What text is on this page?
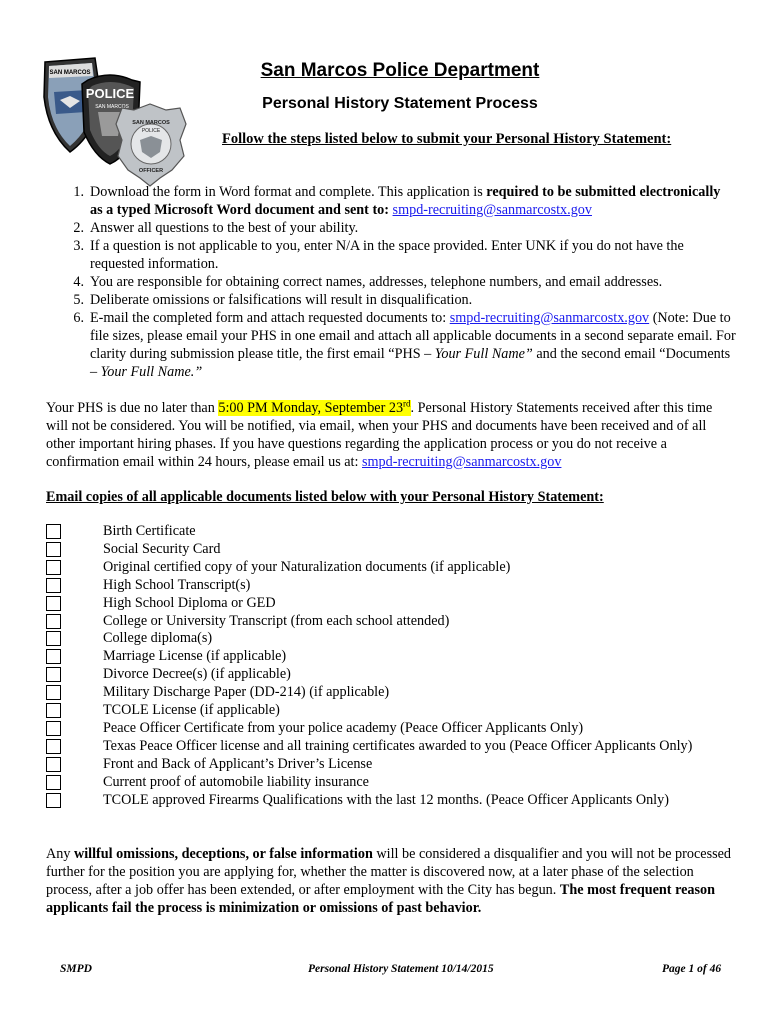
SAN MARCOS
POLICE
SAN MARCOS
SAN MARCOS
POLICE
OFFICER
San Marcos Police Department
Personal History Statement Process
Follow the steps listed below to submit your Personal History Statement:
1. Download the form in Word format and complete. This application is required to be submitted electronically as a typed Microsoft Word document and sent to: smpd-recruiting@sanmarcostx.gov
2. Answer all questions to the best of your ability.
3. If a question is not applicable to you, enter N/A in the space provided. Enter UNK if you do not have the requested information.
4. You are responsible for obtaining correct names, addresses, telephone numbers, and email addresses.
5. Deliberate omissions or falsifications will result in disqualification.
6. E-mail the completed form and attach requested documents to: smpd-recruiting@sanmarcostx.gov (Note: Due to file sizes, please email your PHS in one email and attach all applicable documents in a second separate email. For clarity during submission please title, the first email “PHS – Your Full Name” and the second email “Documents – Your Full Name.”
Your PHS is due no later than 5:00 PM Monday, September 23rd. Personal History Statements received after this time will not be considered. You will be notified, via email, when your PHS and documents have been received and of all other important hiring phases. If you have questions regarding the application process or you do not receive a confirmation email within 24 hours, please email us at: smpd-recruiting@sanmarcostx.gov
Email copies of all applicable documents listed below with your Personal History Statement:
Birth Certificate
Social Security Card
Original certified copy of your Naturalization documents (if applicable)
High School Transcript(s)
High School Diploma or GED
College or University Transcript (from each school attended)
College diploma(s)
Marriage License (if applicable)
Divorce Decree(s) (if applicable)
Military Discharge Paper (DD-214) (if applicable)
TCOLE License (if applicable)
Peace Officer Certificate from your police academy (Peace Officer Applicants Only)
Texas Peace Officer license and all training certificates awarded to you (Peace Officer Applicants Only)
Front and Back of Applicant’s Driver’s License
Current proof of automobile liability insurance
TCOLE approved Firearms Qualifications with the last 12 months. (Peace Officer Applicants Only)
Any willful omissions, deceptions, or false information will be considered a disqualifier and you will not be processed further for the position you are applying for, whether the matter is discovered now, at a later phase of the selection process, after a job offer has been extended, or after employment with the City has begun. The most frequent reason applicants fail the process is minimization or omissions of past behavior.
SMPD	Personal History Statement 10/14/2015	Page 1 of 46
